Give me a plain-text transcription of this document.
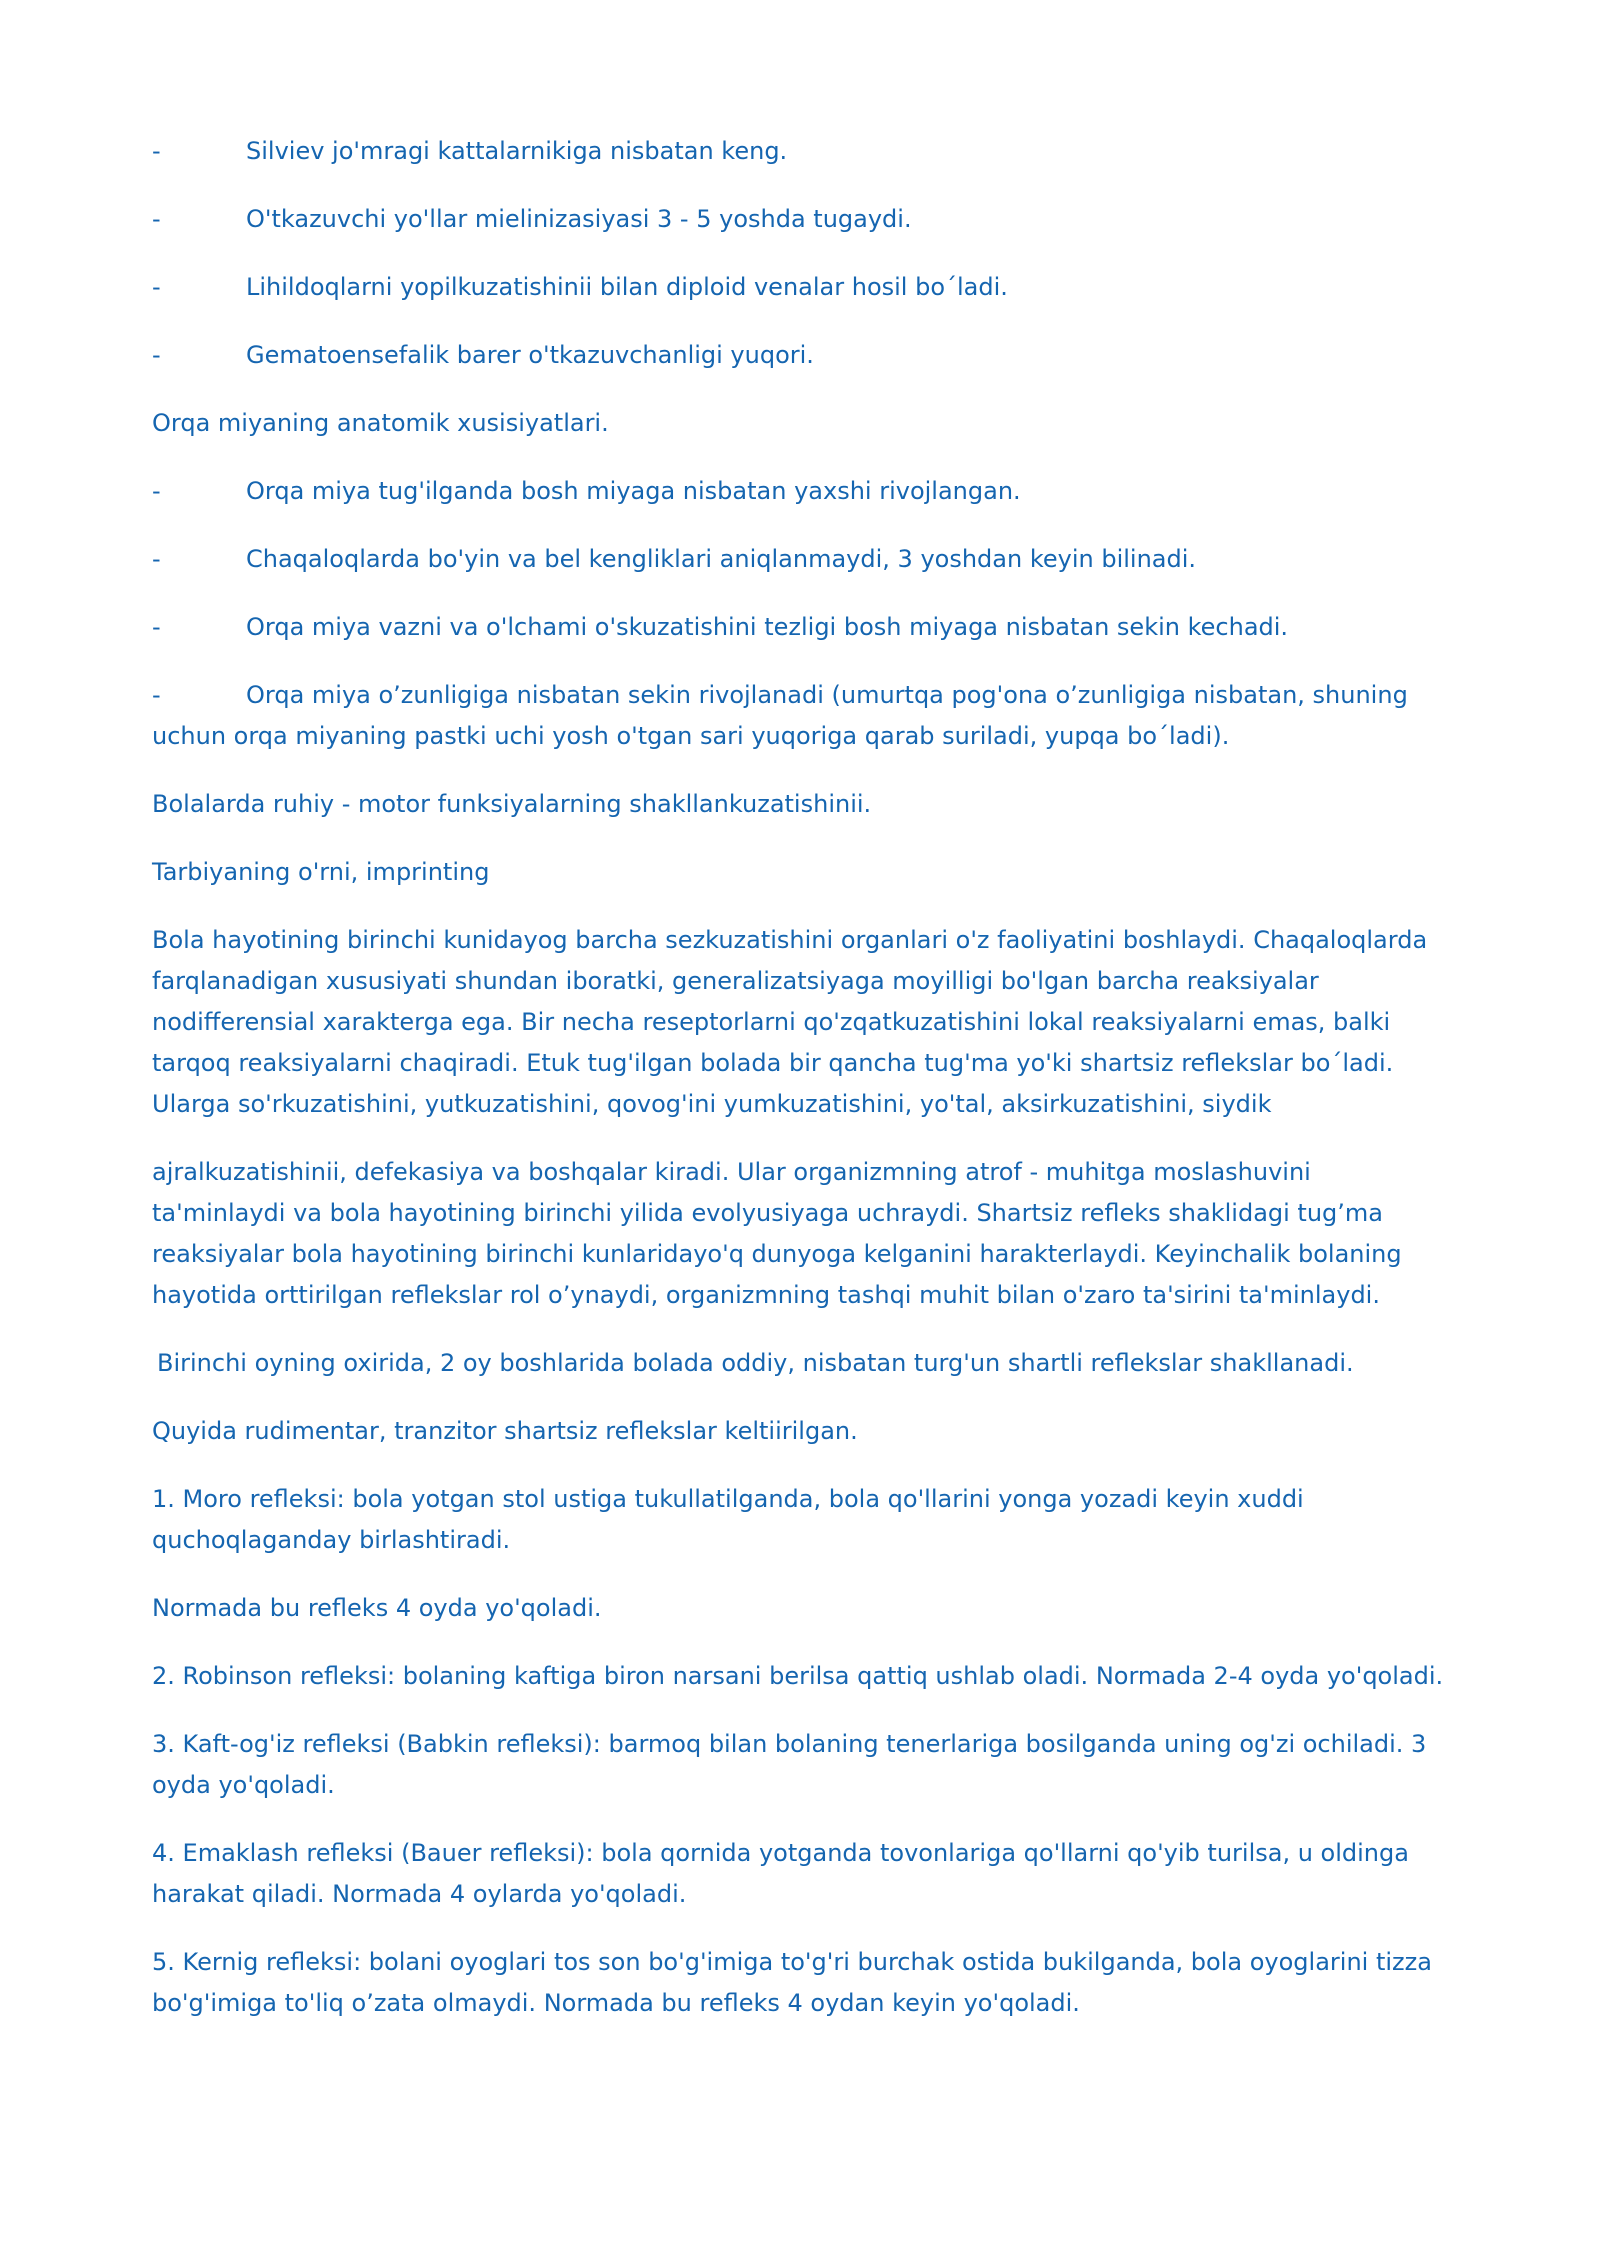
-	Silviev jo'mragi kattalarnikiga nisbatan keng.
-	O'tkazuvchi yo'llar mielinizasiyasi 3 - 5 yoshda tugaydi.
-	Lihildoqlarni yopilkuzatishinii bilan diploid venalar hosil bo´ladi.
-	Gematoensefalik barer o'tkazuvchanligi yuqori.

Orqa miyaning anatomik xusisiyatlari.

-	Orqa miya tug'ilganda bosh miyaga nisbatan yaxshi rivojlangan.
-	Chaqaloqlarda bo'yin va bel kengliklari aniqlanmaydi, 3 yoshdan keyin bilinadi.
-	Orqa miya vazni va o'lchami o'skuzatishini tezligi bosh miyaga nisbatan sekin kechadi.
-	Orqa miya o’zunligiga nisbatan sekin rivojlanadi (umurtqa pog'ona o’zunligiga nisbatan, shuning uchun orqa miyaning pastki uchi yosh o'tgan sari yuqoriga qarab suriladi, yupqa bo´ladi).

Bolalarda ruhiy - motor funksiyalarning shakllankuzatishinii.

Tarbiyaning o'rni, imprinting

Bola hayotining birinchi kunidayog barcha sezkuzatishini organlari o'z faoliyatini boshlaydi. Chaqaloqlarda farqlanadigan xususiyati shundan iboratki, generalizatsiyaga moyilligi bo'lgan barcha reaksiyalar nodifferensial xarakterga ega. Bir necha reseptorlarni qo'zqatkuzatishini lokal reaksiyalarni emas, balki tarqoq reaksiyalarni chaqiradi. Etuk tug'ilgan bolada bir qancha tug'ma yo'ki shartsiz reflekslar bo´ladi. Ularga so'rkuzatishini, yutkuzatishini, qovog'ini yumkuzatishini, yo'tal, aksirkuzatishini, siydik

ajralkuzatishinii, defekasiya va boshqalar kiradi. Ular organizmning atrof - muhitga moslashuvini ta'minlaydi va bola hayotining birinchi yilida evolyusiyaga uchraydi. Shartsiz refleks shaklidagi tug’ma reaksiyalar bola hayotining birinchi kunlaridayo'q dunyoga kelganini harakterlaydi. Keyinchalik bolaning hayotida orttirilgan reflekslar rol o’ynaydi, organizmning tashqi muhit bilan o'zaro ta'sirini ta'minlaydi.

Birinchi oyning oxirida, 2 oy boshlarida bolada oddiy, nisbatan turg'un shartli reflekslar shakllanadi.

Quyida rudimentar, tranzitor shartsiz reflekslar keltiirilgan.

1. Moro refleksi: bola yotgan stol ustiga tukullatilganda, bola qo'llarini yonga yozadi keyin xuddi quchoqlaganday birlashtiradi.

Normada bu refleks 4 oyda yo'qoladi.

2. Robinson refleksi: bolaning kaftiga biron narsani berilsa qattiq ushlab oladi. Normada 2-4 oyda yo'qoladi.

3. Kaft-og'iz refleksi (Babkin refleksi): barmoq bilan bolaning tenerlariga bosilganda uning og'zi ochiladi. 3 oyda yo'qoladi.

4. Emaklash refleksi (Bauer refleksi): bola qornida yotganda tovonlariga qo'llarni qo'yib turilsa, u oldinga harakat qiladi. Normada 4 oylarda yo'qoladi.

5. Kernig refleksi: bolani oyoglari tos son bo'g'imiga to'g'ri burchak ostida bukilganda, bola oyoglarini tizza bo'g'imiga to'liq o’zata olmaydi. Normada bu refleks 4 oydan keyin yo'qoladi.
